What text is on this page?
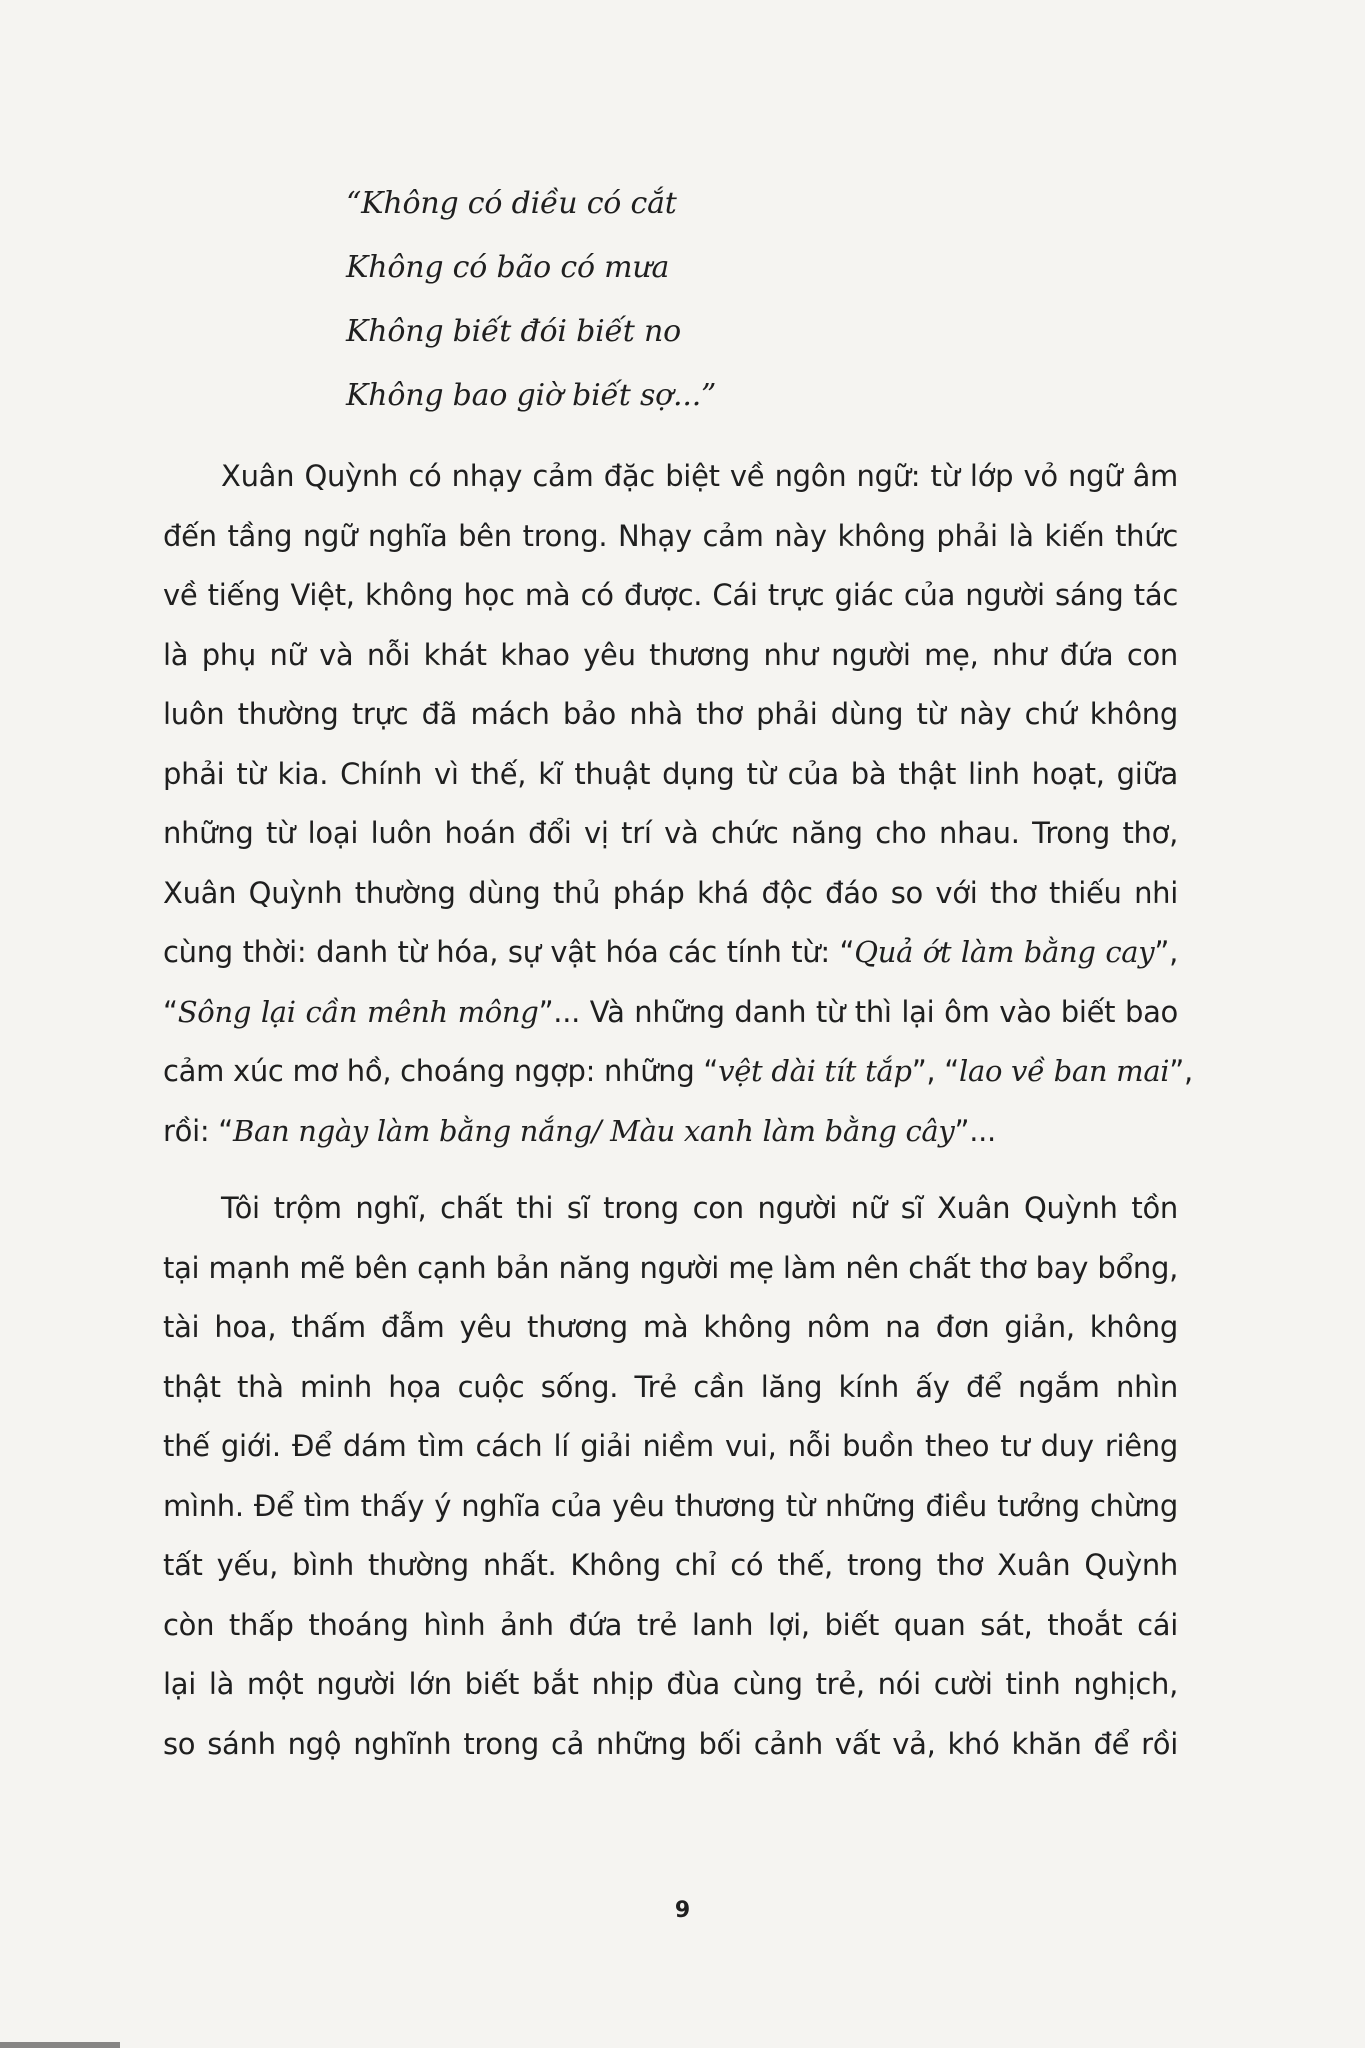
“Không có diều có cắt
Không có bão có mưa
Không biết đói biết no
Không bao giờ biết sợ...”
Xuân Quỳnh có nhạy cảm đặc biệt về ngôn ngữ: từ lớp vỏ ngữ âm
đến tầng ngữ nghĩa bên trong. Nhạy cảm này không phải là kiến thức
về tiếng Việt, không học mà có được. Cái trực giác của người sáng tác
là phụ nữ và nỗi khát khao yêu thương như người mẹ, như đứa con
luôn thường trực đã mách bảo nhà thơ phải dùng từ này chứ không
phải từ kia. Chính vì thế, kĩ thuật dụng từ của bà thật linh hoạt, giữa
những từ loại luôn hoán đổi vị trí và chức năng cho nhau. Trong thơ,
Xuân Quỳnh thường dùng thủ pháp khá độc đáo so với thơ thiếu nhi
cùng thời: danh từ hóa, sự vật hóa các tính từ: “Quả ớt làm bằng cay”,
“Sông lại cần mênh mông”... Và những danh từ thì lại ôm vào biết bao
cảm xúc mơ hồ, choáng ngợp: những “vệt dài tít tắp”, “lao về ban mai”,
rồi: “Ban ngày làm bằng nắng/ Màu xanh làm bằng cây”...
Tôi trộm nghĩ, chất thi sĩ trong con người nữ sĩ Xuân Quỳnh tồn
tại mạnh mẽ bên cạnh bản năng người mẹ làm nên chất thơ bay bổng,
tài hoa, thấm đẫm yêu thương mà không nôm na đơn giản, không
thật thà minh họa cuộc sống. Trẻ cần lăng kính ấy để ngắm nhìn
thế giới. Để dám tìm cách lí giải niềm vui, nỗi buồn theo tư duy riêng
mình. Để tìm thấy ý nghĩa của yêu thương từ những điều tưởng chừng
tất yếu, bình thường nhất. Không chỉ có thế, trong thơ Xuân Quỳnh
còn thấp thoáng hình ảnh đứa trẻ lanh lợi, biết quan sát, thoắt cái
lại là một người lớn biết bắt nhịp đùa cùng trẻ, nói cười tinh nghịch,
so sánh ngộ nghĩnh trong cả những bối cảnh vất vả, khó khăn để rồi
9
